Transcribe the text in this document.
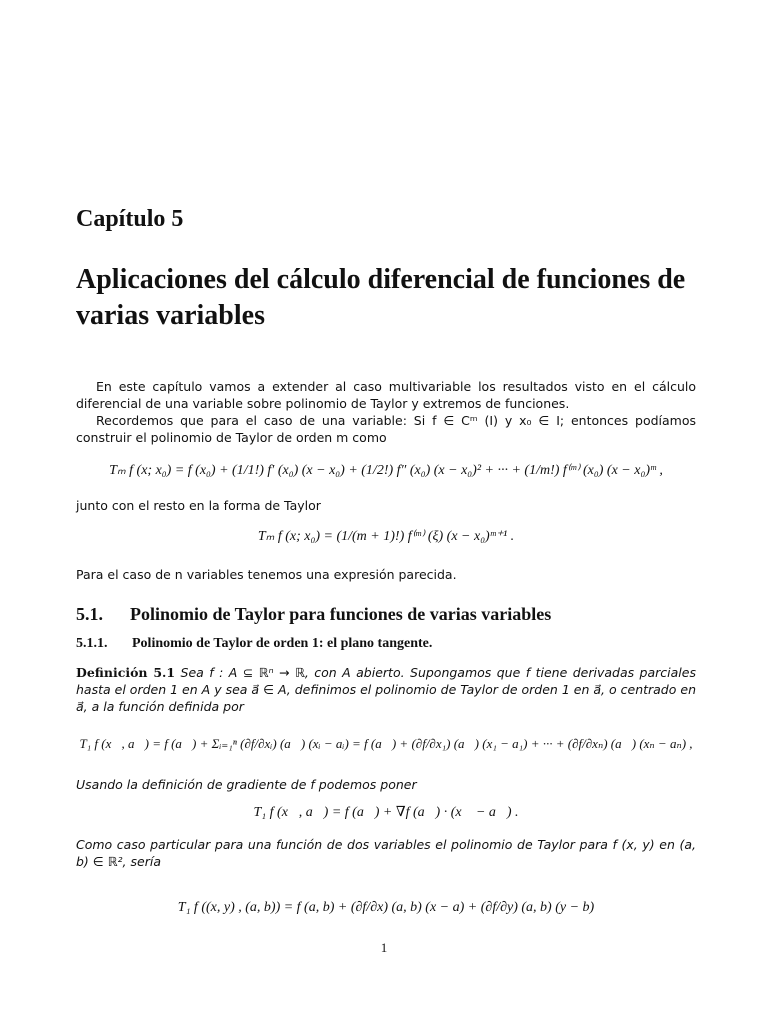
Capítulo 5
Aplicaciones del cálculo diferencial de funciones de varias variables
En este capítulo vamos a extender al caso multivariable los resultados visto en el cálculo diferencial de una variable sobre polinomio de Taylor y extremos de funciones.
Recordemos que para el caso de una variable: Si f ∈ Cᵐ (I) y x₀ ∈ I; entonces podíamos construir el polinomio de Taylor de orden m como
Tₘ f (x; x₀) = f (x₀) + (1/1!) f′ (x₀) (x − x₀) + (1/2!) f″ (x₀) (x − x₀)² + ··· + (1/m!) f⁽ᵐ⁾ (x₀) (x − x₀)ᵐ ,
junto con el resto en la forma de Taylor
Tₘ f (x; x₀) = (1/(m + 1)!) f⁽ᵐ⁾ (ξ) (x − x₀)ᵐ⁺¹ .
Para el caso de n variables tenemos una expresión parecida.
5.1. Polinomio de Taylor para funciones de varias variables
5.1.1. Polinomio de Taylor de orden 1: el plano tangente.
Definición 5.1 Sea f : A ⊆ ℝⁿ → ℝ, con A abierto. Supongamos que f tiene derivadas parciales hasta el orden 1 en A y sea a⃗ ∈ A, definimos el polinomio de Taylor de orden 1 en a⃗, o centrado en a⃗, a la función definida por
T₁ f (x⃗, a⃗) = f (a⃗) + Σᵢ₌₁ⁿ (∂f/∂xᵢ) (a⃗) (xᵢ − aᵢ) = f (a⃗) + (∂f/∂x₁) (a⃗) (x₁ − a₁) + ··· + (∂f/∂xₙ) (a⃗) (xₙ − aₙ) ,
Usando la definición de gradiente de f podemos poner
T₁ f (x⃗, a⃗) = f (a⃗) + ∇f (a⃗) · (x⃗ − a⃗) .
Como caso particular para una función de dos variables el polinomio de Taylor para f (x, y) en (a, b) ∈ ℝ², sería
T₁ f ((x, y) , (a, b)) = f (a, b) + (∂f/∂x) (a, b) (x − a) + (∂f/∂y) (a, b) (y − b)
1
